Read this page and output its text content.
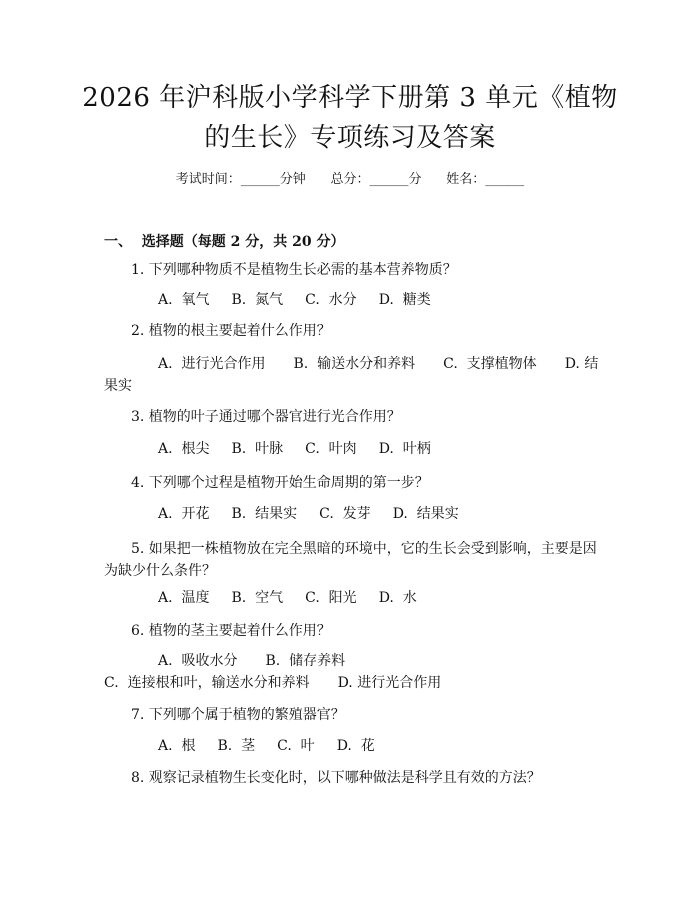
2026 年沪科版小学科学下册第 3 单元《植物
的生长》专项练习及答案
考试时间：______分钟      总分：______分      姓名：______
一、  选择题（每题 2 分，共 20 分）
1. 下列哪种物质不是植物生长必需的基本营养物质？
A.  氧气 B.  氮气 C.  水分 D.  糖类
2. 植物的根主要起着什么作用？
A.  进行光合作用 B.  输送水分和养料 C.  支撑植物体 D. 结果实
3. 植物的叶子通过哪个器官进行光合作用？
A.  根尖 B.  叶脉 C.  叶肉 D.  叶柄
4. 下列哪个过程是植物开始生命周期的第一步？
A.  开花 B.  结果实 C.  发芽 D.  结果实
5. 如果把一株植物放在完全黑暗的环境中，它的生长会受到影响，主要是因为缺少什么条件？
A.  温度 B.  空气 C.  阳光 D.  水
6. 植物的茎主要起着什么作用？
A.  吸收水分 B.  储存养料C.  连接根和叶，输送水分和养料 D. 进行光合作用
7. 下列哪个属于植物的繁殖器官？
A.  根 B.  茎 C.  叶 D.  花
8. 观察记录植物生长变化时，以下哪种做法是科学且有效的方法？
